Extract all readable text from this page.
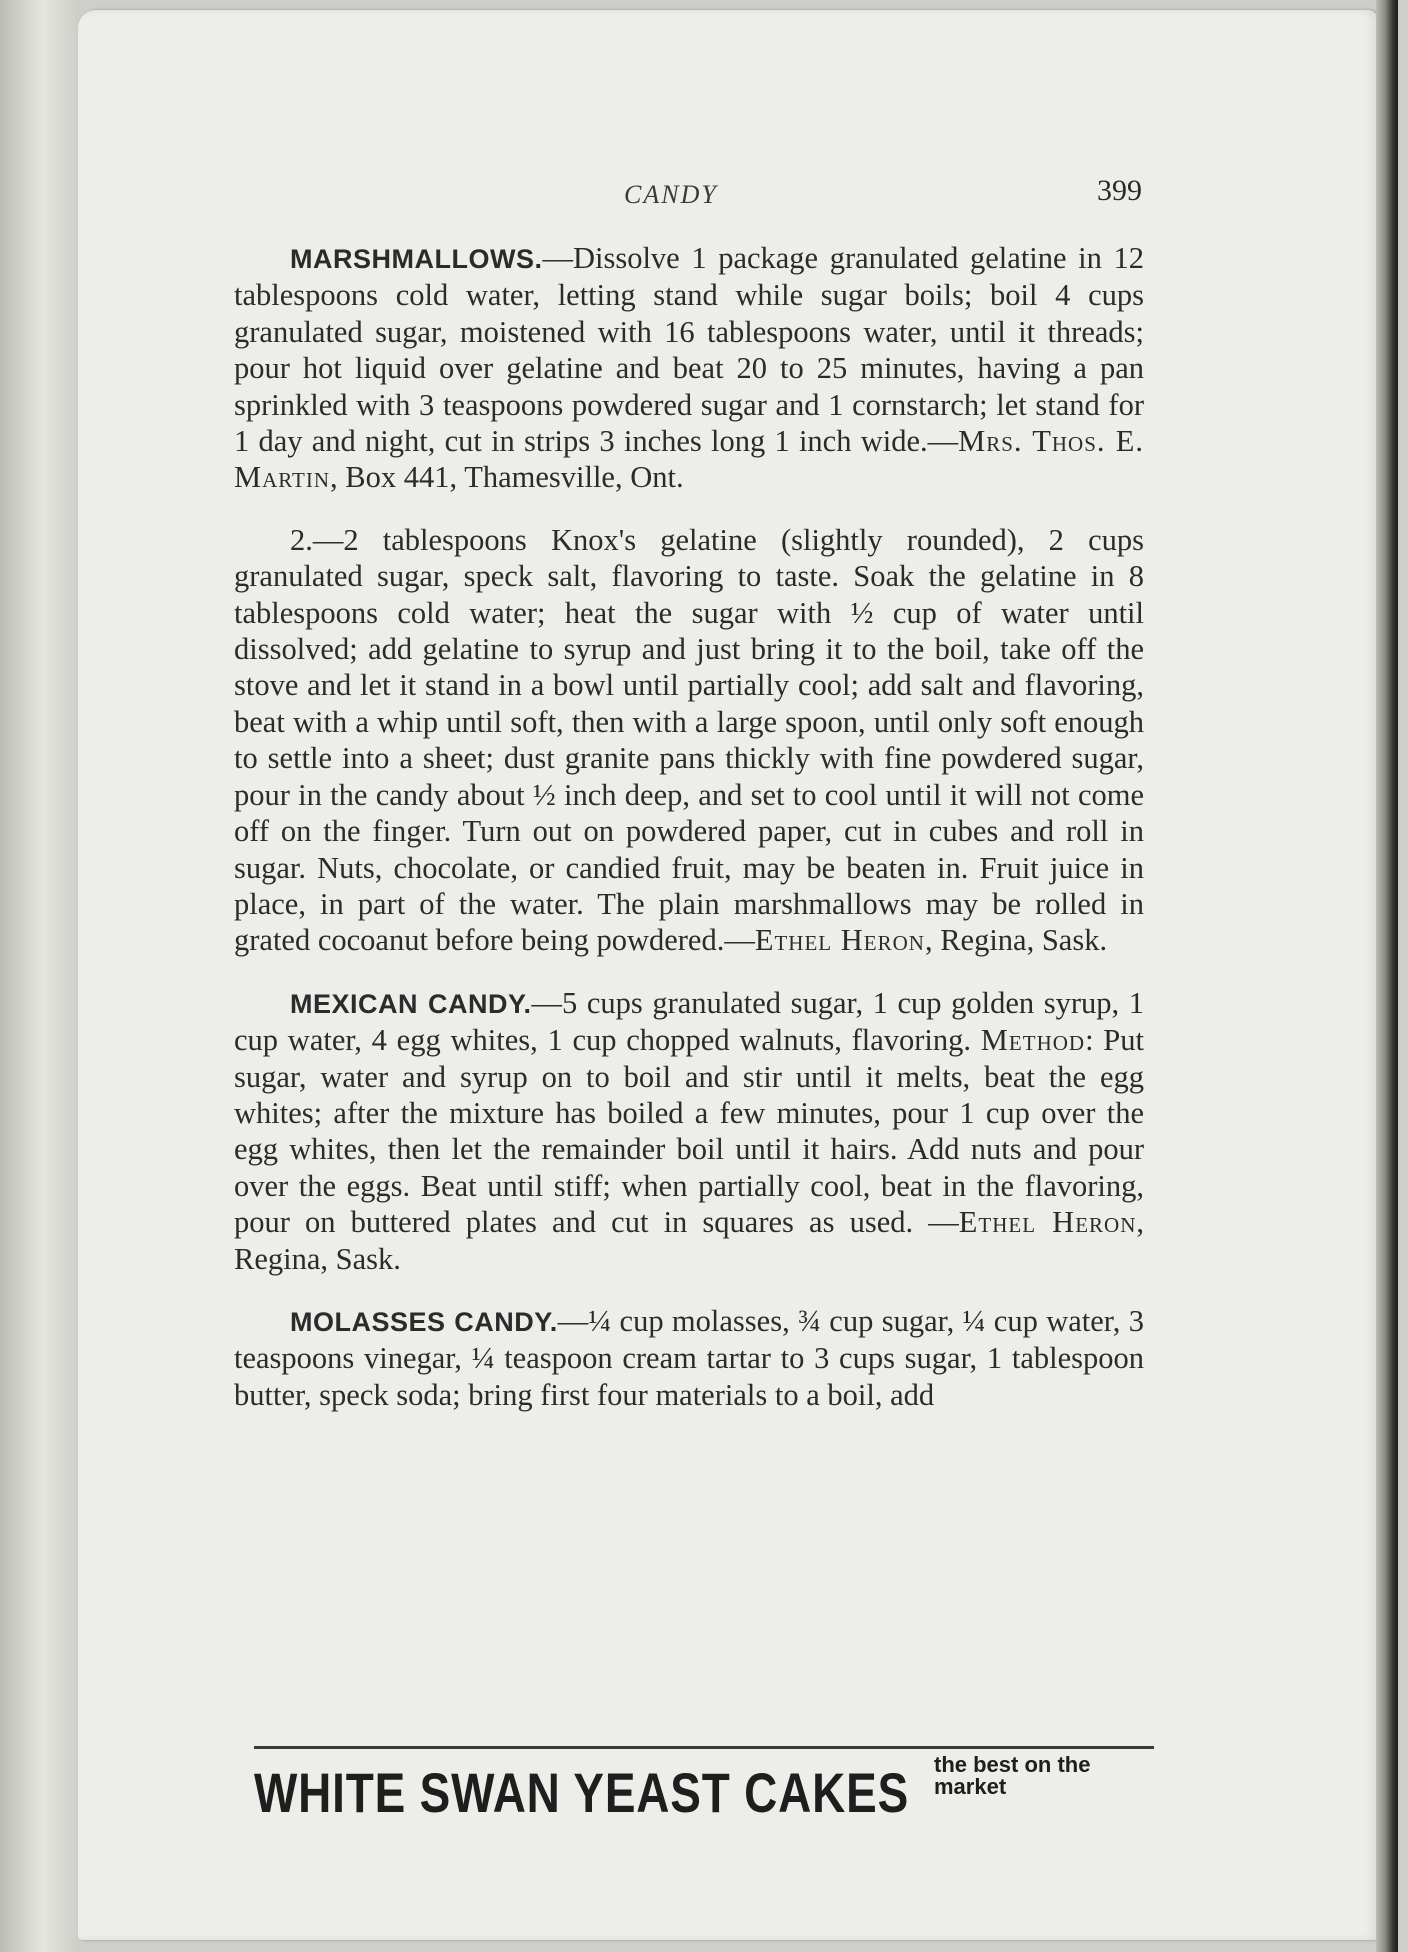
CANDY	399

MARSHMALLOWS.—Dissolve 1 package granulated gelatine in 12 tablespoons cold water, letting stand while sugar boils; boil 4 cups granulated sugar, moistened with 16 tablespoons water, until it threads; pour hot liquid over gelatine and beat 20 to 25 minutes, having a pan sprinkled with 3 teaspoons powdered sugar and 1 cornstarch; let stand for 1 day and night, cut in strips 3 inches long 1 inch wide.—Mrs. Thos. E. Martin, Box 441, Thamesville, Ont.

2.—2 tablespoons Knox's gelatine (slightly rounded), 2 cups granulated sugar, speck salt, flavoring to taste. Soak the gelatine in 8 tablespoons cold water; heat the sugar with ½ cup of water until dissolved; add gelatine to syrup and just bring it to the boil, take off the stove and let it stand in a bowl until partially cool; add salt and flavoring, beat with a whip until soft, then with a large spoon, until only soft enough to settle into a sheet; dust granite pans thickly with fine powdered sugar, pour in the candy about ½ inch deep, and set to cool until it will not come off on the finger. Turn out on powdered paper, cut in cubes and roll in sugar. Nuts, chocolate, or candied fruit, may be beaten in. Fruit juice in place, in part of the water. The plain marshmallows may be rolled in grated cocoanut before being powdered.—Ethel Heron, Regina, Sask.

MEXICAN CANDY.—5 cups granulated sugar, 1 cup golden syrup, 1 cup water, 4 egg whites, 1 cup chopped walnuts, flavoring. Method: Put sugar, water and syrup on to boil and stir until it melts, beat the egg whites; after the mixture has boiled a few minutes, pour 1 cup over the egg whites, then let the remainder boil until it hairs. Add nuts and pour over the eggs. Beat until stiff; when partially cool, beat in the flavoring, pour on buttered plates and cut in squares as used. —Ethel Heron, Regina, Sask.

MOLASSES CANDY.—¼ cup molasses, ¾ cup sugar, ¼ cup water, 3 teaspoons vinegar, ¼ teaspoon cream tartar to 3 cups sugar, 1 tablespoon butter, speck soda; bring first four materials to a boil, add

WHITE SWAN YEAST CAKES the best on the
market
